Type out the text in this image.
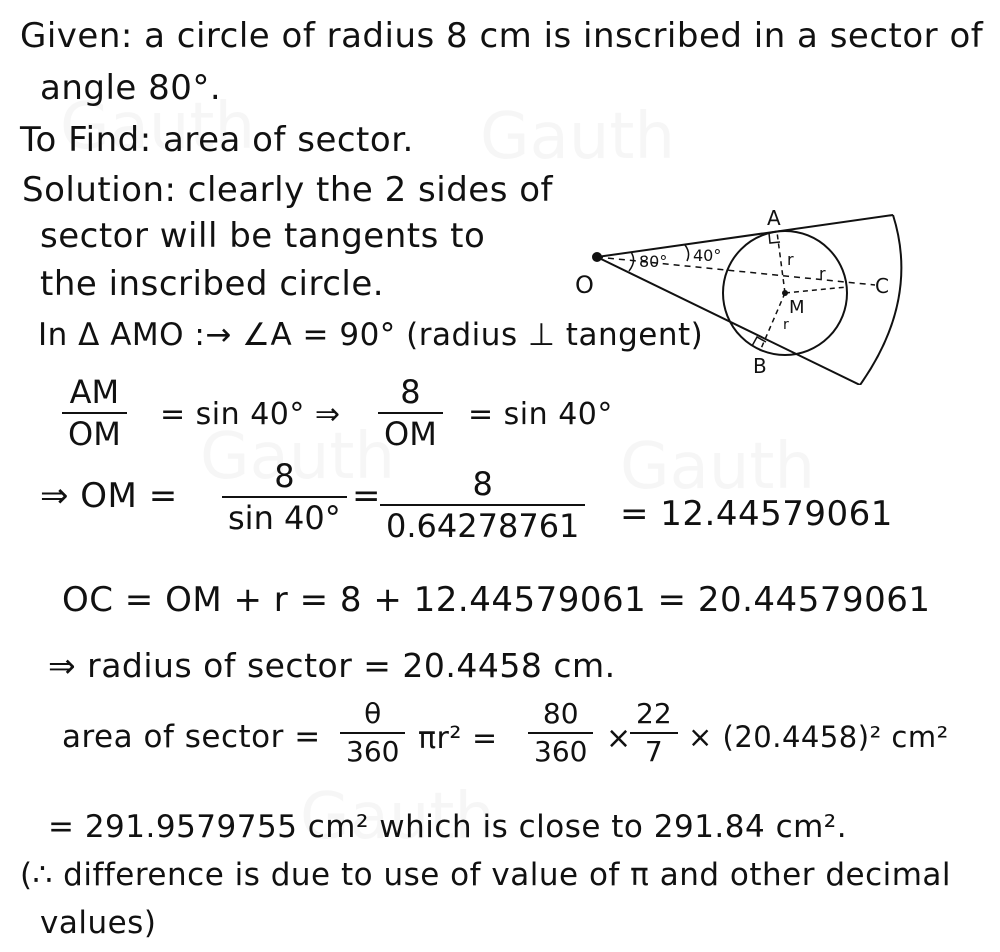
Given: a circle of radius 8 cm is inscribed in a sector of
angle 80°.
To Find: area of sector.
Solution: clearly the 2 sides of
sector will be tangents to
the inscribed circle.	O
A
B
C
M
r
r
r
80° 40°
In Δ AMO :→ ∠A = 90° (radius ⊥ tangent)
AM
OM
= sin 40° ⇒
8
OM
= sin 40°
⇒ OM =	8
sin 40°
=	8
0.64278761 = 12.44579061
OC = OM + r = 8 + 12.44579061 = 20.44579061
⇒ radius of sector = 20.4458 cm.
area of sector =
θ
360 πr² =
80
360 ×
22
7 × (20.4458)² cm²
= 291.9579755 cm² which is close to 291.84 cm².
(∴ difference is due to use of value of π and other decimal
values)
